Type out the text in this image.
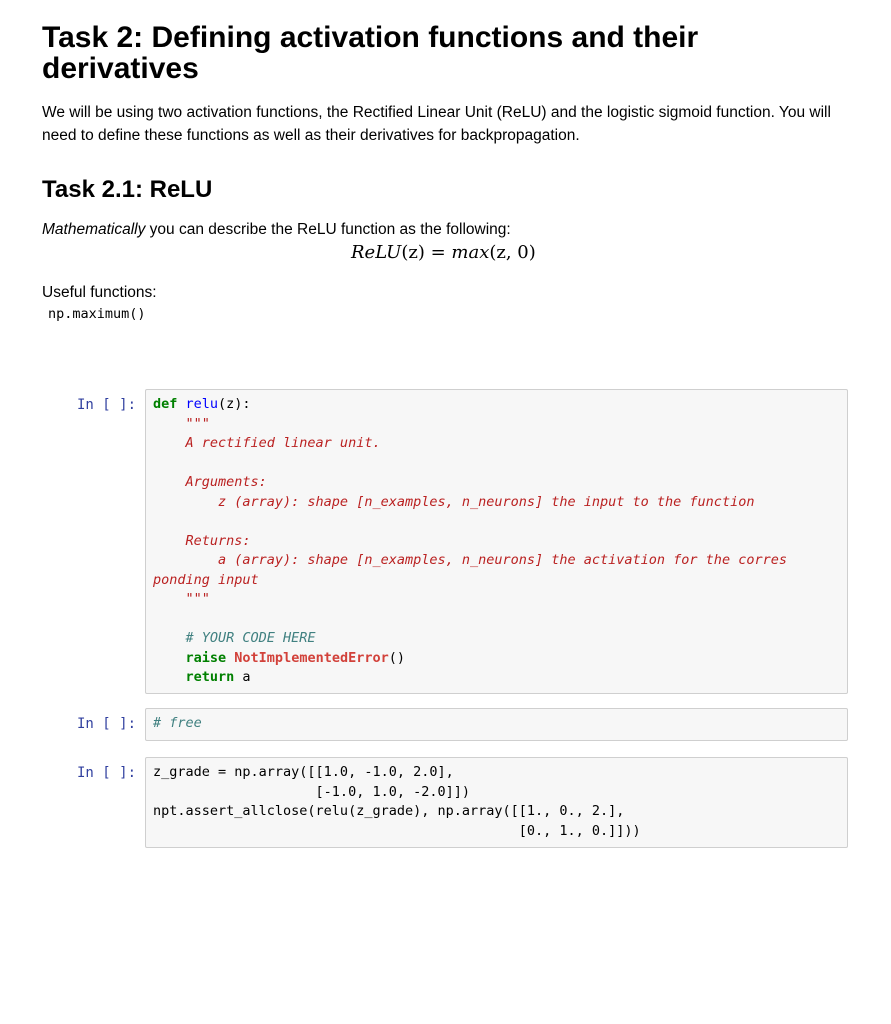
Task 2: Defining activation functions and their derivatives

We will be using two activation functions, the Rectified Linear Unit (ReLU) and the logistic sigmoid function. You will need to define these functions as well as their derivatives for backpropagation.

Task 2.1: ReLU

Mathematically you can describe the ReLU function as the following:

ReLU(z) = max(z, 0)

Useful functions:

np.maximum()

In [ ]:	def relu(z):
"""
A rectified linear unit.

Arguments:
z (array): shape [n_examples, n_neurons] the input to the function

Returns:
a (array): shape [n_examples, n_neurons] the activation for the corres
ponding input
"""

# YOUR CODE HERE
raise NotImplementedError()
return a
In [ ]:	# free
In [ ]:	z_grade = np.array([[1.0, -1.0, 2.0],
[-1.0, 1.0, -2.0]])
npt.assert_allclose(relu(z_grade), np.array([[1., 0., 2.],
[0., 1., 0.]]))
